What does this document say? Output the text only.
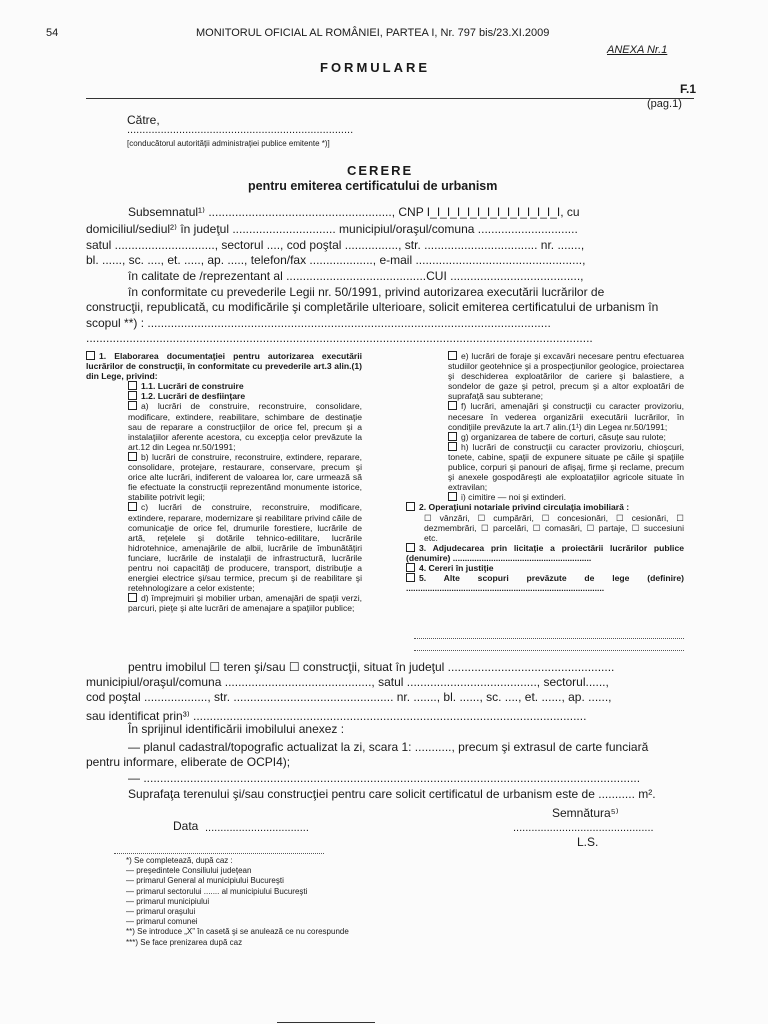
54	MONITORUL OFICIAL AL ROMÂNIEI, PARTEA I, Nr. 797 bis/23.XI.2009
ANEXA Nr.1
FORMULARE
F.1
(pag.1)
Către,
..........................................................................
[conducătorul autorităţii administraţiei publice emitente *)]
CERERE
pentru emiterea certificatului de urbanism
Subsemnatul¹⁾ ......................................................., CNP I_I_I_I_I_I_I_I_I_I_I_I_I_I, cu
domiciliul/sediul²⁾ în judeţul ............................... municipiul/oraşul/comuna ..............................
satul .............................., sectorul ...., cod poştal ................, str. .................................. nr. .......,
bl. ......, sc. ...., et. ....., ap. ....., telefon/fax ..................., e-mail ..................................................,
în calitate de /reprezentant al ..........................................CUI .......................................,
în conformitate cu prevederile Legii nr. 50/1991, privind autorizarea executării lucrărilor de
construcţii, republicată, cu modificările şi completările ulterioare, solicit emiterea certificatului de urbanism în
scopul **) : .........................................................................................................................
........................................................................................................................................................

1. Elaborarea documentaţiei pentru autorizarea executării lucrărilor de construcţii, în conformitate cu prevederile art.3 alin.(1) din Lege, privind:

1.1. Lucrări de construire

1.2. Lucrări de desfiinţare

a) lucrări de construire, reconstruire, consolidare, modificare, extindere, reabilitare, schimbare de destinaţie sau de reparare a construcţiilor de orice fel, precum şi a instalaţiilor aferente acestora, cu excepţia celor prevăzute la art.12 din Legea nr.50/1991;

b) lucrări de construire, reconstruire, extindere, reparare, consolidare, protejare, restaurare, conservare, precum şi orice alte lucrări, indiferent de valoarea lor, care urmează să fie efectuate la construcţii reprezentând monumente istorice, stabilite potrivit legii;

c) lucrări de construire, reconstruire, modificare, extindere, reparare, modernizare şi reabilitare privind căile de comunicaţie de orice fel, drumurile forestiere, lucrările de artă, reţelele şi dotările tehnico-edilitare, lucrările hidrotehnice, amenajările de albii, lucrările de îmbunătăţiri funciare, lucrările de instalaţii de infrastructură, lucrările pentru noi capacităţi de producere, transport, distribuţie a energiei electrice şi/sau termice, precum şi de reabilitare şi retehnologizare a celor existente;

d) împrejmuiri şi mobilier urban, amenajări de spaţii verzi, parcuri, pieţe şi alte lucrări de amenajare a spaţiilor publice;

e) lucrări de foraje şi excavări necesare pentru efectuarea studiilor geotehnice şi a prospecţiunilor geologice, proiectarea şi deschiderea exploatărilor de cariere şi balastiere, a sondelor de gaze şi petrol, precum şi a altor exploatări de suprafaţă sau subterane;

f) lucrări, amenajări şi construcţii cu caracter provizoriu, necesare în vederea organizării executării lucrărilor, în condiţiile prevăzute la art.7 alin.(1¹) din Legea nr.50/1991;

g) organizarea de tabere de corturi, căsuţe sau rulote;

h) lucrări de construcţii cu caracter provizoriu, chioşcuri, tonete, cabine, spaţii de expunere situate pe căile şi spaţiile publice, corpuri şi panouri de afişaj, firme şi reclame, precum şi anexele gospodăreşti ale exploataţiilor agricole situate în extravilan;

i) cimitire — noi şi extinderi.

2. Operaţiuni notariale privind circulaţia imobiliară :

☐ vânzări, ☐ cumpărări, ☐ concesionări, ☐ cesionări, ☐ dezmembrări, ☐ parcelări, ☐ comasări, ☐ partaje, ☐ succesiuni etc.

3. Adjudecarea prin licitaţie a proiectării lucrărilor publice (denumire) ..........................................................

4. Cereri în justiţie

5. Alte scopuri prevăzute de lege (definire) ...................................................................................

pentru imobilul ☐ teren şi/sau ☐ construcţii, situat în judeţul ..................................................
municipiul/oraşul/comuna ............................................, satul ......................................., sectorul......,
cod poştal ..................., str. ................................................ nr. ......., bl. ......, sc. ...., et. ......, ap. ......,
sau identificat prin³⁾ ......................................................................................................................
În sprijinul identificării imobilului anexez :
— planul cadastral/topografic actualizat la zi, scara 1: ..........., precum şi extrasul de carte funciară
pentru informare, eliberate de OCPI4);
— .....................................................................................................................................................
Suprafaţa terenului şi/sau construcţiei pentru care solicit certificatul de urbanism este de ........... m².
Semnătura⁵⁾
Data ..................................	..............................................
L.S.

*) Se completează, după caz :

— preşedintele Consiliului judeţean

— primarul General al municipiului Bucureşti

— primarul sectorului ....... al municipiului Bucureşti

— primarul municipiului

— primarul oraşului

— primarul comunei

**) Se introduce „X” în casetă şi se anulează ce nu corespunde

***) Se face prenizarea după caz
